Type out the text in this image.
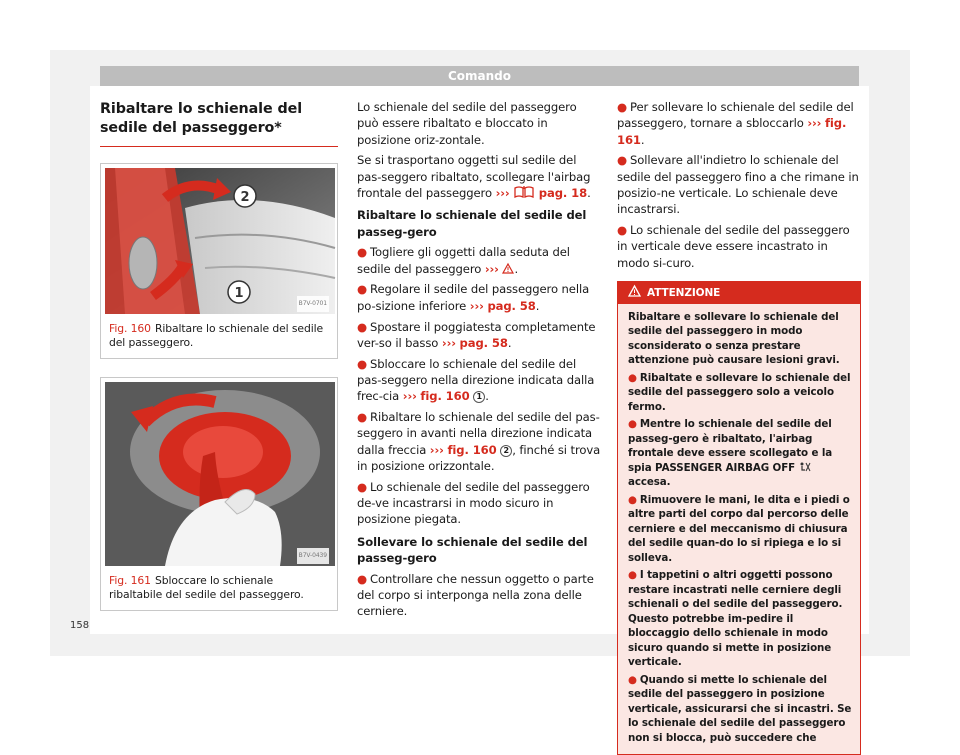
Comando
Ribaltare lo schienale del sedile del passeggero*
2
1
B7V-0701
Fig. 160 Ribaltare lo schienale del sedile del passeggero.
B7V-0439
Fig. 161 Sbloccare lo schienale ribaltabile del sedile del passeggero.

Lo schienale del sedile del passeggero può essere ribaltato e bloccato in posizione oriz-zontale.

Se si trasportano oggetti sul sedile del pas-seggero ribaltato, scollegare l'airbag frontale del passeggero ›››	pag. 18.

Ribaltare lo schienale del sedile del passeg-gero

● Togliere gli oggetti dalla seduta del sedile del passeggero ››› .

● Regolare il sedile del passeggero nella po-sizione inferiore ››› pag. 58.

● Spostare il poggiatesta completamente ver-so il basso ››› pag. 58.

● Sbloccare lo schienale del sedile del pas-seggero nella direzione indicata dalla frec-cia ››› fig. 160 1 .

● Ribaltare lo schienale del sedile del pas-seggero in avanti nella direzione indicata dalla freccia ››› fig. 160 2 , finché si trova in posizione orizzontale.

● Lo schienale del sedile del passeggero de-ve incastrarsi in modo sicuro in posizione piegata.

Sollevare lo schienale del sedile del passeg-gero

● Controllare che nessun oggetto o parte del corpo si interponga nella zona delle cerniere.

● Per sollevare lo schienale del sedile del passeggero, tornare a sbloccarlo ››› fig. 161.

● Sollevare all'indietro lo schienale del sedile del passeggero fino a che rimane in posizio-ne verticale. Lo schienale deve incastrarsi.

● Lo schienale del sedile del passeggero in verticale deve essere incastrato in modo si-curo.

ATTENZIONE

Ribaltare e sollevare lo schienale del sedile del passeggero in modo sconsiderato o senza prestare attenzione può causare lesioni gravi.

● Ribaltate e sollevare lo schienale del sedile del passeggero solo a veicolo fermo.

● Mentre lo schienale del sedile del passeg-gero è ribaltato, l'airbag frontale deve essere scollegato e la spia PASSENGER AIRBAG OFF  accesa.

● Rimuovere le mani, le dita e i piedi o altre parti del corpo dal percorso delle cerniere e del meccanismo di chiusura del sedile quan-do lo si ripiega e lo si solleva.

● I tappetini o altri oggetti possono restare incastrati nelle cerniere degli schienali o del sedile del passeggero. Questo potrebbe im-pedire il bloccaggio dello schienale in modo sicuro quando si mette in posizione verticale.

● Quando si mette lo schienale del sedile del passeggero in posizione verticale, assicurarsi che si incastri. Se lo schienale del sedile del passeggero non si blocca, può succedere che

158
